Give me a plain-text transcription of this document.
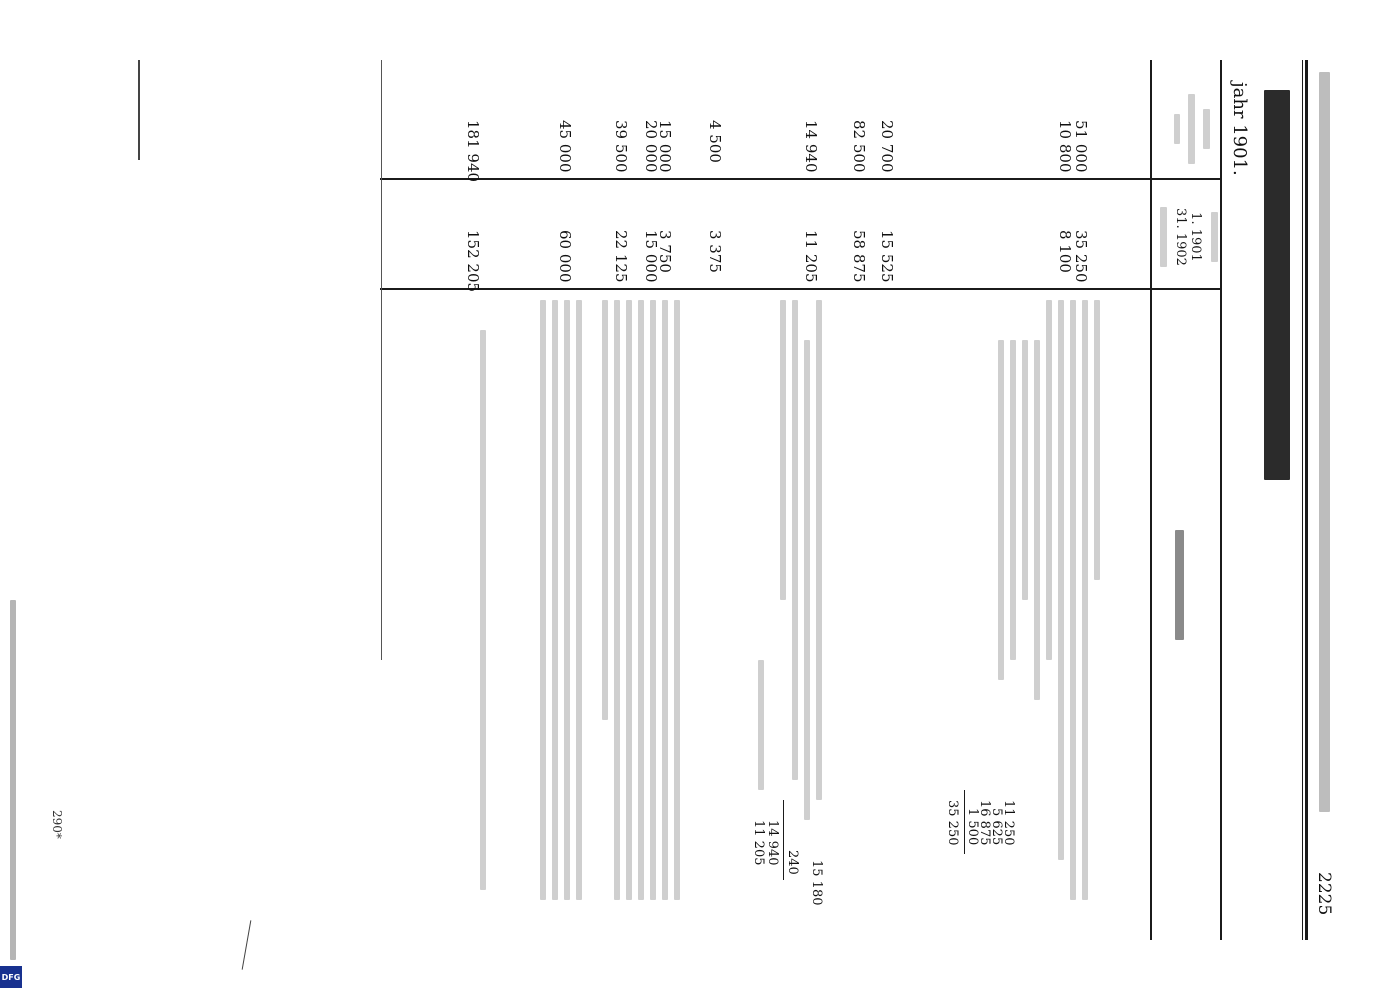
2225
jahr 1901.
1. 1901
31. 1902
51 000
10 800
20 700
82 500
14 940
4 500
15 000
20 000
39 500
45 000
181 940
35 250
8 100
15 525
58 875
11 205
3 375
3 750
15 000
22 125
60 000
152 205
11 250
5 625
16 875
1 500
35 250
15 180
240
14 940
11 205
290*
DFG
